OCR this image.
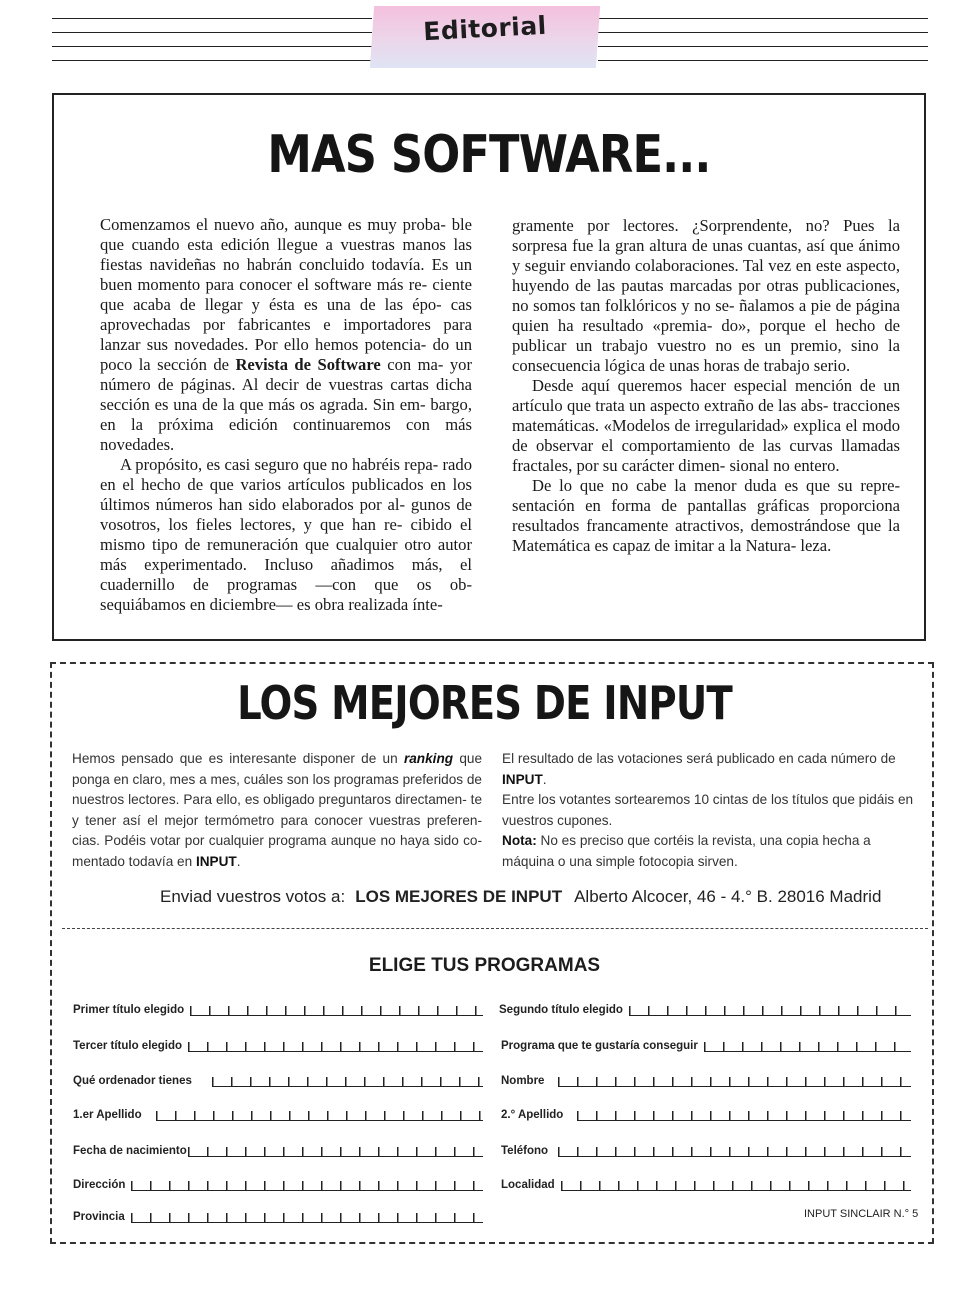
Editorial
MAS SOFTWARE...

Comenzamos el nuevo año, aunque es muy proba- ble que cuando esta edición llegue a vuestras manos las fiestas navideñas no habrán concluido todavía. Es un buen momento para conocer el software más re- ciente que acaba de llegar y ésta es una de las épo- cas aprovechadas por fabricantes e importadores para lanzar sus novedades. Por ello hemos potencia- do un poco la sección de Revista de Software con ma- yor número de páginas. Al decir de vuestras cartas dicha sección es una de la que más os agrada. Sin em- bargo, en la próxima edición continuaremos con más novedades.

A propósito, es casi seguro que no habréis repa- rado en el hecho de que varios artículos publicados en los últimos números han sido elaborados por al- gunos de vosotros, los fieles lectores, y que han re- cibido el mismo tipo de remuneración que cualquier otro autor más experimentado. Incluso añadimos más, el cuadernillo de programas —con que os ob- sequiábamos en diciembre— es obra realizada ínte-

gramente por lectores. ¿Sorprendente, no? Pues la sorpresa fue la gran altura de unas cuantas, así que ánimo y seguir enviando colaboraciones. Tal vez en este aspecto, huyendo de las pautas marcadas por otras publicaciones, no somos tan folklóricos y no se- ñalamos a pie de página quien ha resultado «premia- do», porque el hecho de publicar un trabajo vuestro no es un premio, sino la consecuencia lógica de unas horas de trabajo serio.

Desde aquí queremos hacer especial mención de un artículo que trata un aspecto extraño de las abs- tracciones matemáticas. «Modelos de irregularidad» explica el modo de observar el comportamiento de las curvas llamadas fractales, por su carácter dimen- sional no entero.

De lo que no cabe la menor duda es que su repre- sentación en forma de pantallas gráficas proporciona resultados francamente atractivos, demostrándose que la Matemática es capaz de imitar a la Natura- leza.

LOS MEJORES DE INPUT

Hemos pensado que es interesante disponer de un ranking que ponga en claro, mes a mes, cuáles son los programas preferidos de nuestros lectores. Para ello, es obligado preguntaros directamen- te y tener así el mejor termómetro para conocer vuestras preferen- cias. Podéis votar por cualquier programa aunque no haya sido co- mentado todavía en INPUT.

El resultado de las votaciones será publicado en cada número de INPUT.

Entre los votantes sortearemos 10 cintas de los títulos que pidáis en vuestros cupones.

Nota: No es preciso que cortéis la revista, una copia hecha a máquina o una simple fotocopia sirven.

Enviad vuestros votos a: LOS MEJORES DE INPUT Alberto Alcocer, 46 - 4.° B. 28016 Madrid
ELIGE TUS PROGRAMAS
Primer título elegido	Segundo título elegido
Tercer título elegido	Programa que te gustaría conseguir
Qué ordenador tienes	Nombre
1.er Apellido	2.° Apellido
Fecha de nacimiento	Teléfono
Dirección	Localidad
Provincia	INPUT SINCLAIR N.° 5
